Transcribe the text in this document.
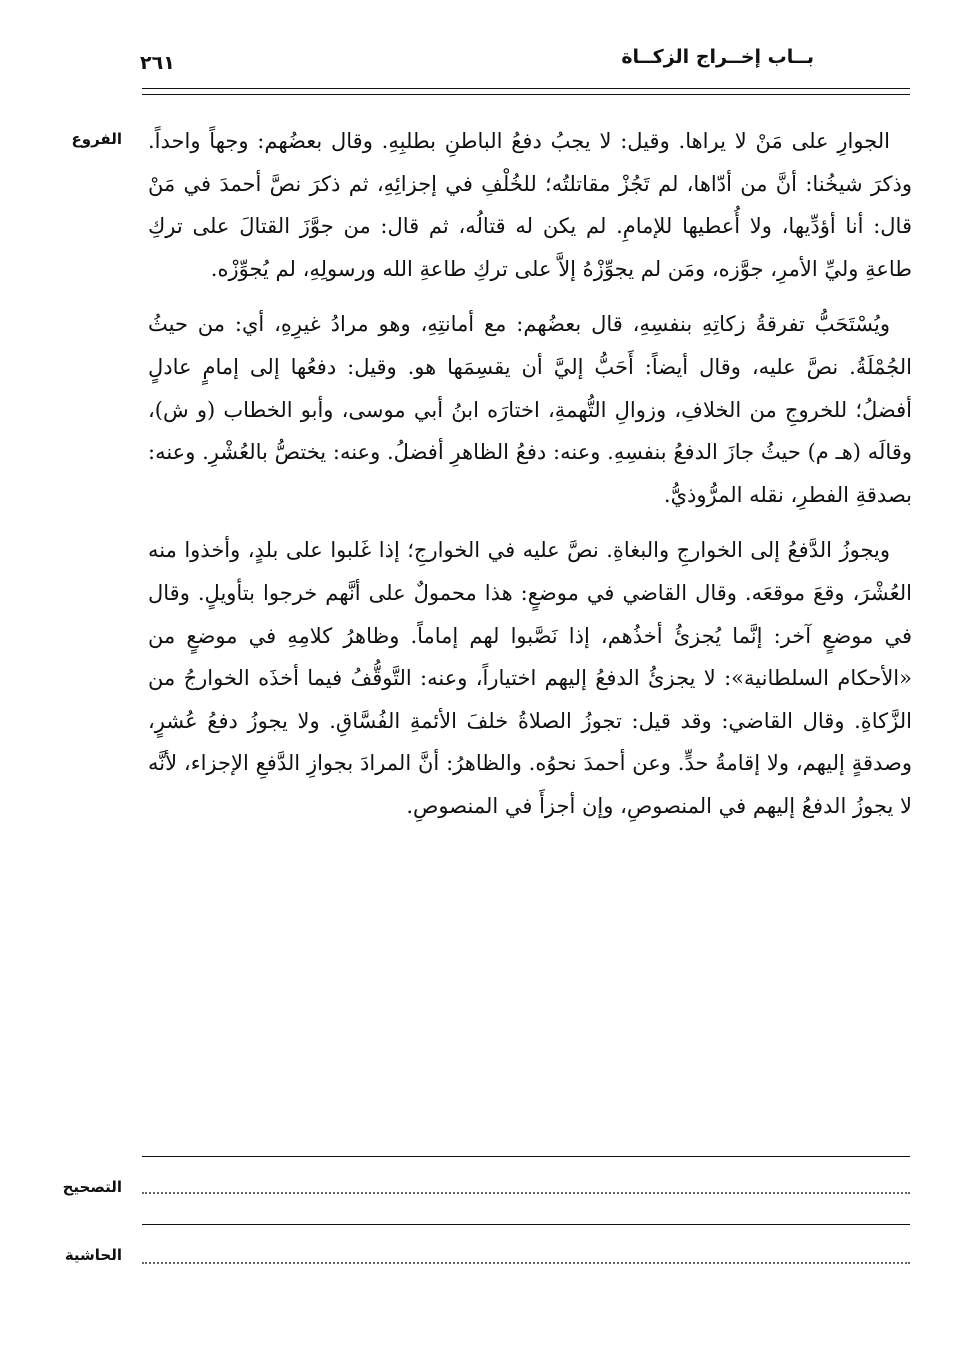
بــاب إخــراج الزكــاة
٢٦١
الفروع الجوارِ على مَنْ لا يراها. وقيل: لا يجبُ دفعُ الباطنِ بطلبِهِ. وقال بعضُهم: وجهاً واحداً. وذكرَ شيخُنا: أنَّ من أدّاها، لم تَجُزْ مقاتلتُه؛ للخُلْفِ في إجزائِهِ، ثم ذكرَ نصَّ أحمدَ في مَنْ قال: أنا أؤدِّيها، ولا أُعطيها للإمامِ. لم يكن له قتالُه، ثم قال: من جوَّزَ القتالَ على تركِ طاعةِ وليِّ الأمرِ، جوَّزه، ومَن لم يجوِّزْهُ إلاَّ على تركِ طاعةِ الله ورسولِهِ، لم يُجوِّزْه.

ويُسْتَحَبُّ تفرقةُ زكاتِهِ بنفسِهِ، قال بعضُهم: مع أمانتِهِ، وهو مرادُ غيرِهِ، أي: من حيثُ الجُمْلَةُ. نصَّ عليه، وقال أيضاً: أَحَبُّ إليَّ أن يقسِمَها هو. وقيل: دفعُها إلى إمامٍ عادلٍ أفضلُ؛ للخروجِ من الخلافِ، وزوالِ التُّهمةِ، اختارَه ابنُ أبي موسى، وأبو الخطاب (و ش)، وقالَه (هـ م) حيثُ جازَ الدفعُ بنفسِهِ. وعنه: دفعُ الظاهرِ أفضلُ. وعنه: يختصُّ بالعُشْرِ. وعنه: بصدقةِ الفطرِ، نقله المرُّوذيُّ.

ويجوزُ الدَّفعُ إلى الخوارجِ والبغاةِ. نصَّ عليه في الخوارجِ؛ إذا غَلبوا على بلدٍ، وأخذوا منه العُشْرَ، وقعَ موقعَه. وقال القاضي في موضعٍ: هذا محمولٌ على أنَّهم خرجوا بتأويلٍ. وقال في موضعٍ آخر: إنَّما يُجزئُ أخذُهم، إذا نَصَّبوا لهم إماماً. وظاهرُ كلامِهِ في موضعٍ من «الأحكام السلطانية»: لا يجزئُ الدفعُ إليهم اختياراً، وعنه: التَّوقُّفُ فيما أخذَه الخوارجُ من الزَّكاةِ. وقال القاضي: وقد قيل: تجوزُ الصلاةُ خلفَ الأئمةِ الفُسَّاقِ. ولا يجوزُ دفعُ عُشرٍ، وصدقةٍ إليهم، ولا إقامةُ حدٍّ. وعن أحمدَ نحوُه. والظاهرُ: أنَّ المرادَ بجوازِ الدَّفعِ الإجزاء، لأنَّه لا يجوزُ الدفعُ إليهم في المنصوصِ، وإن أجزأَ في المنصوصِ.

التصحيح
الحاشية
